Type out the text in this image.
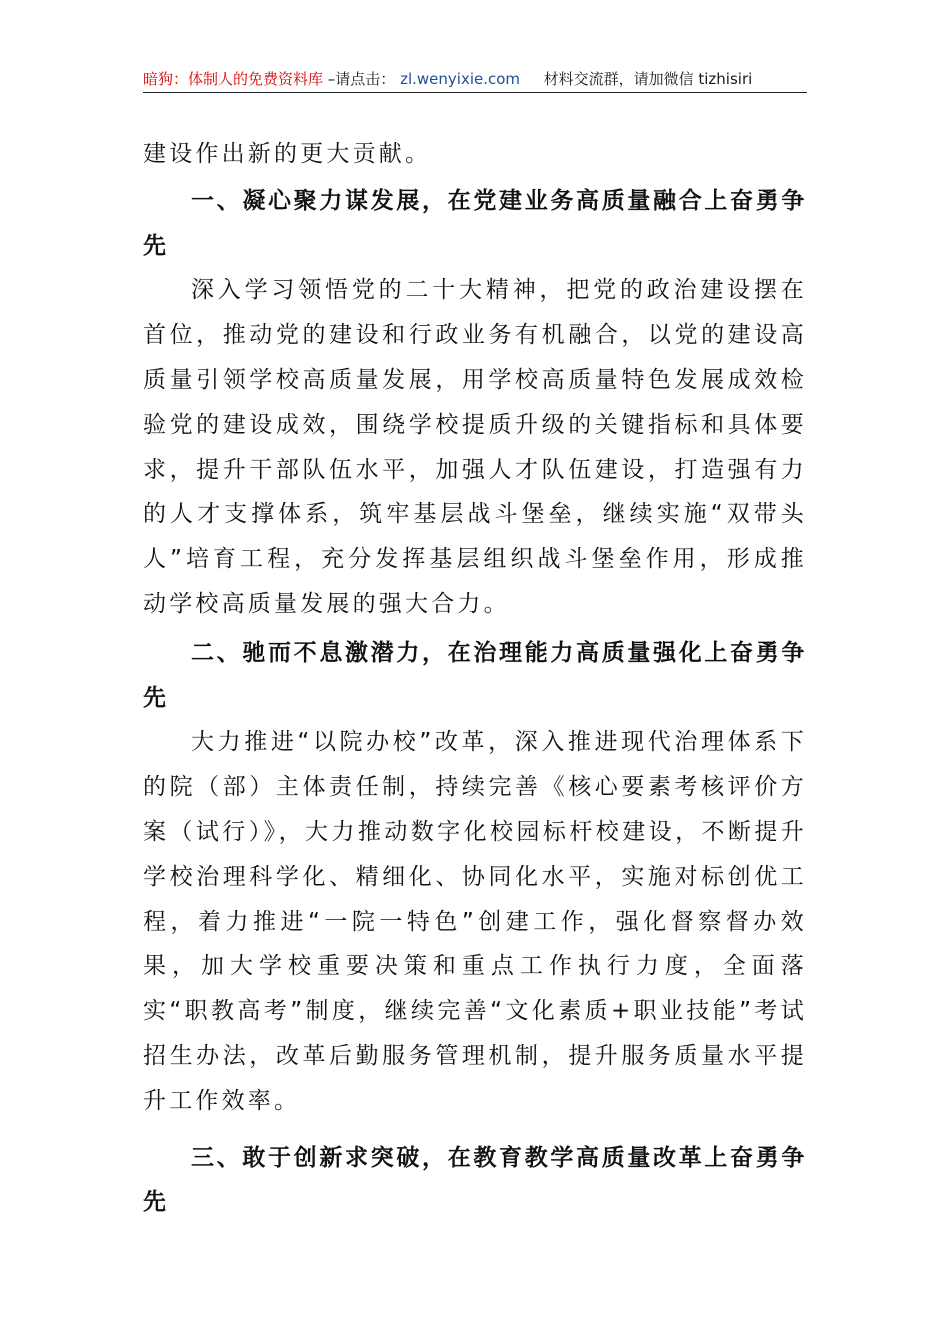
暗狗：体制人的免费资料库 –请点击： zl.wenyixie.com 材料交流群，请加微信 tizhisiri

建设作出新的更大贡献。

一、凝心聚力谋发展，在党建业务高质量融合上奋勇争先

深入学习领悟党的二十大精神，把党的政治建设摆在首位，推动党的建设和行政业务有机融合，以党的建设高质量引领学校高质量发展，用学校高质量特色发展成效检验党的建设成效，围绕学校提质升级的关键指标和具体要求，提升干部队伍水平，加强人才队伍建设，打造强有力的人才支撑体系，筑牢基层战斗堡垒，继续实施“双带头人”培育工程，充分发挥基层组织战斗堡垒作用，形成推动学校高质量发展的强大合力。

二、驰而不息激潜力，在治理能力高质量强化上奋勇争先

大力推进“以院办校”改革，深入推进现代治理体系下的院（部）主体责任制，持续完善《核心要素考核评价方案（试行）》，大力推动数字化校园标杆校建设，不断提升学校治理科学化、精细化、协同化水平，实施对标创优工程，着力推进“一院一特色”创建工作，强化督察督办效果，加大学校重要决策和重点工作执行力度，全面落实“职教高考”制度，继续完善“文化素质+职业技能”考试招生办法，改革后勤服务管理机制，提升服务质量水平提升工作效率。

三、敢于创新求突破，在教育教学高质量改革上奋勇争先
